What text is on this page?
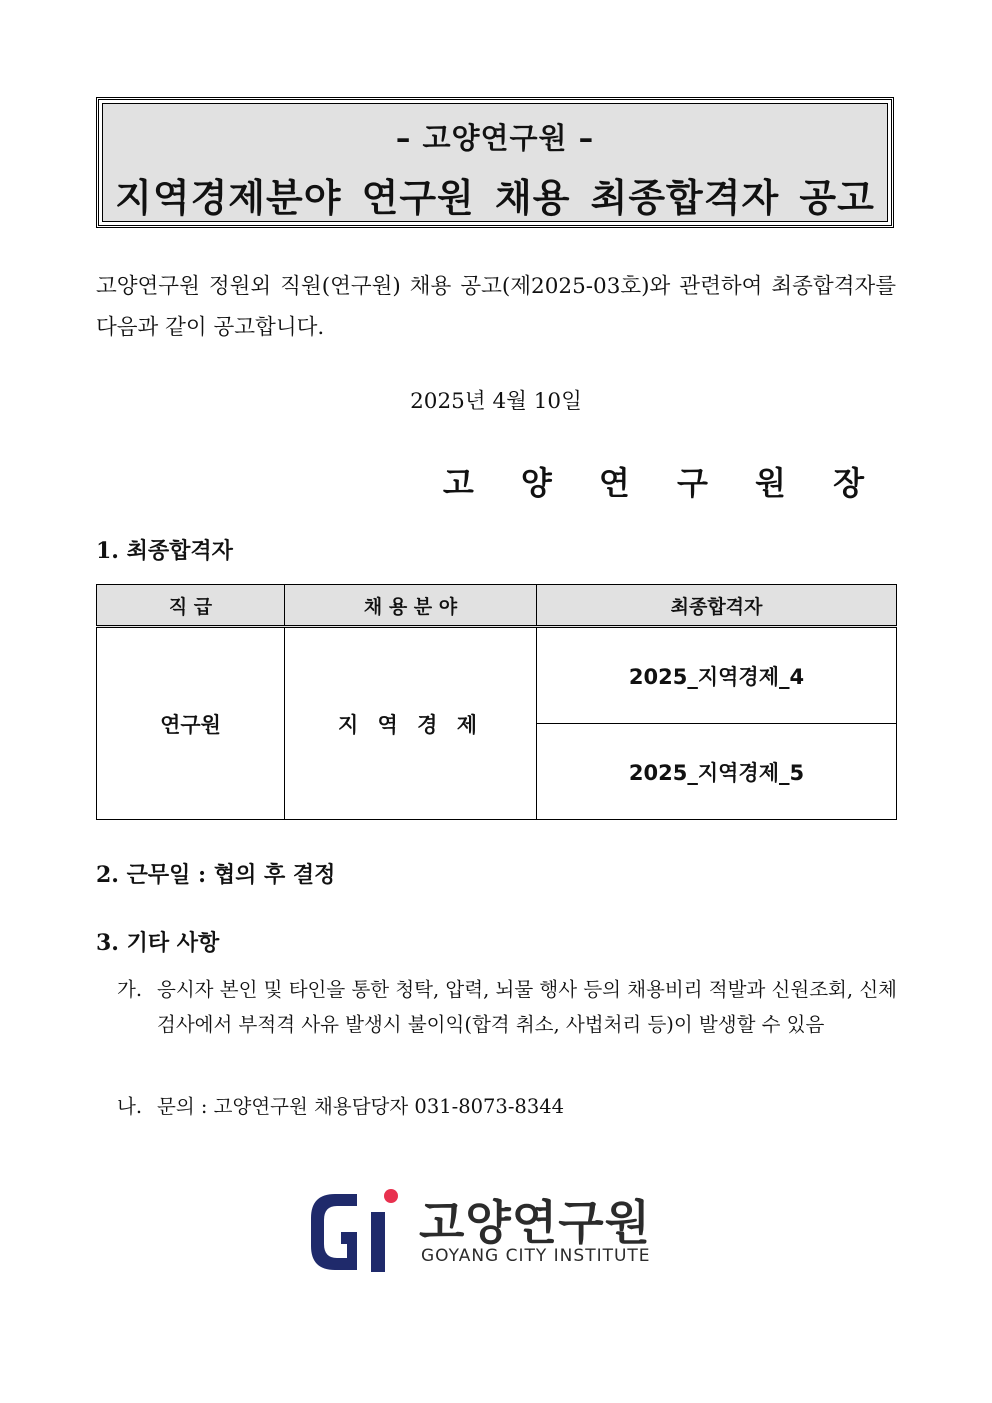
– 고양연구원 –
지역경제분야 연구원 채용 최종합격자 공고
고양연구원 정원외 직원(연구원) 채용 공고(제2025-03호)와 관련하여 최종합격자를 다음과 같이 공고합니다.
2025년 4월 10일
고 양 연 구 원 장
1. 최종합격자
직 급	채 용 분 야	최종합격자
연구원	지 역 경 제	2025_지역경제_4
		2025_지역경제_5
2. 근무일 : 협의 후 결정
3. 기타 사항
가. 응시자 본인 및 타인을 통한 청탁, 압력, 뇌물 행사 등의 채용비리 적발과 신원조회, 신체검사에서 부적격 사유 발생시 불이익(합격 취소, 사법처리 등)이 발생할 수 있음
나. 문의 : 고양연구원 채용담당자 031-8073-8344
고양연구원
GOYANG CITY INSTITUTE
